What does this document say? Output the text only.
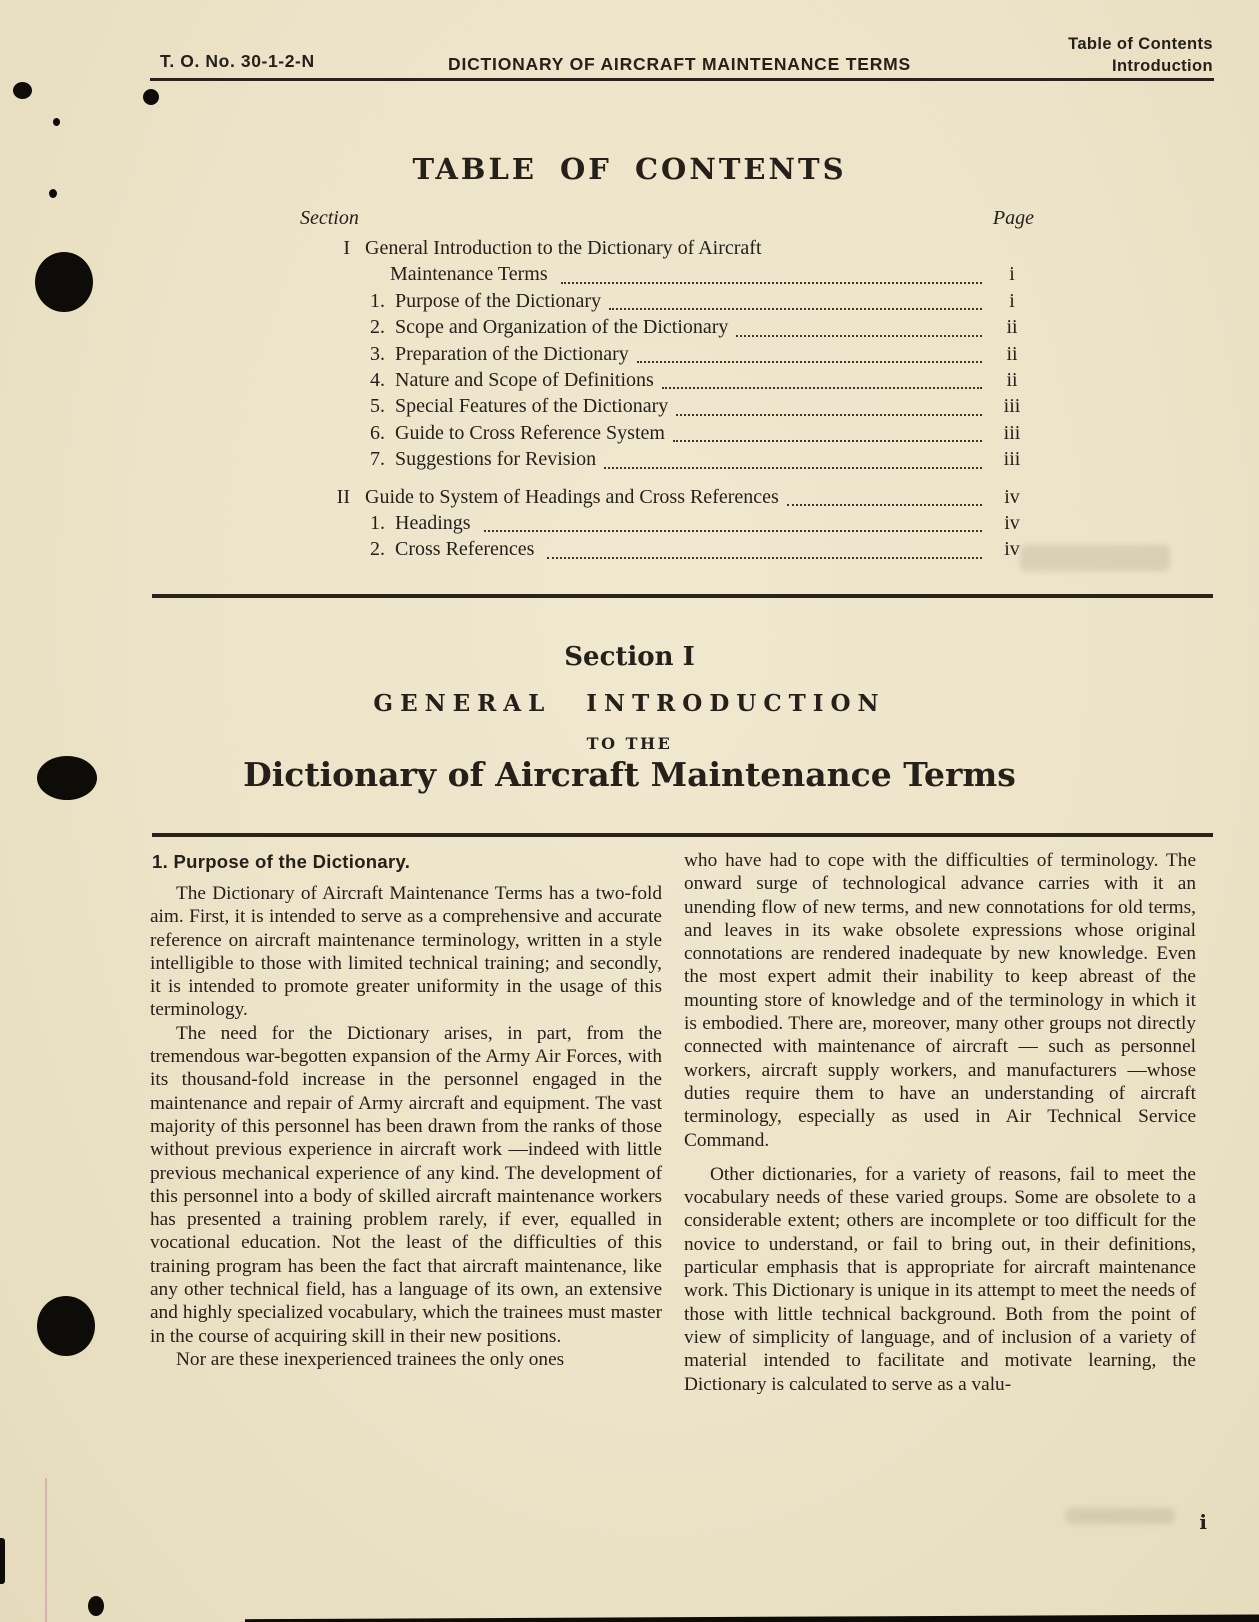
T. O. No. 30-1-2-N	DICTIONARY OF AIRCRAFT MAINTENANCE TERMS
Table of Contents
Introduction
TABLE OF CONTENTS
Section	Page
I General Introduction to the Dictionary of Aircraft
Maintenance Terms	i
1. Purpose of the Dictionary	i
2. Scope and Organization of the Dictionary	ii
3. Preparation of the Dictionary	ii
4. Nature and Scope of Definitions	ii
5. Special Features of the Dictionary	iii
6. Guide to Cross Reference System	iii
7. Suggestions for Revision	iii
II Guide to System of Headings and Cross References	iv
1. Headings	iv
2. Cross References	iv
Section I
GENERAL INTRODUCTION
TO THE
Dictionary of Aircraft Maintenance Terms
1. Purpose of the Dictionary.

The Dictionary of Aircraft Maintenance Terms has a two-fold aim. First, it is intended to serve as a comprehensive and accurate reference on aircraft maintenance terminology, written in a style intelligible to those with limited technical training; and secondly, it is intended to promote greater uniformity in the usage of this terminology.

The need for the Dictionary arises, in part, from the tremendous war-begotten expansion of the Army Air Forces, with its thousand-fold increase in the personnel engaged in the maintenance and repair of Army aircraft and equipment. The vast majority of this personnel has been drawn from the ranks of those without previous experience in aircraft work —indeed with little previous mechanical experience of any kind. The development of this personnel into a body of skilled aircraft maintenance workers has presented a training problem rarely, if ever, equalled in vocational education. Not the least of the difficulties of this training program has been the fact that aircraft maintenance, like any other technical field, has a language of its own, an extensive and highly specialized vocabulary, which the trainees must master in the course of acquiring skill in their new positions.

Nor are these inexperienced trainees the only ones

who have had to cope with the difficulties of terminology. The onward surge of technological advance carries with it an unending flow of new terms, and new connotations for old terms, and leaves in its wake obsolete expressions whose original connotations are rendered inadequate by new knowledge. Even the most expert admit their inability to keep abreast of the mounting store of knowledge and of the terminology in which it is embodied. There are, moreover, many other groups not directly connected with maintenance of aircraft — such as personnel workers, aircraft supply workers, and manufacturers —whose duties require them to have an understanding of aircraft terminology, especially as used in Air Technical Service Command.

Other dictionaries, for a variety of reasons, fail to meet the vocabulary needs of these varied groups. Some are obsolete to a considerable extent; others are incomplete or too difficult for the novice to understand, or fail to bring out, in their definitions, particular emphasis that is appropriate for aircraft maintenance work. This Dictionary is unique in its attempt to meet the needs of those with little technical background. Both from the point of view of simplicity of language, and of inclusion of a variety of material intended to facilitate and motivate learning, the Dictionary is calculated to serve as a valu-

i
